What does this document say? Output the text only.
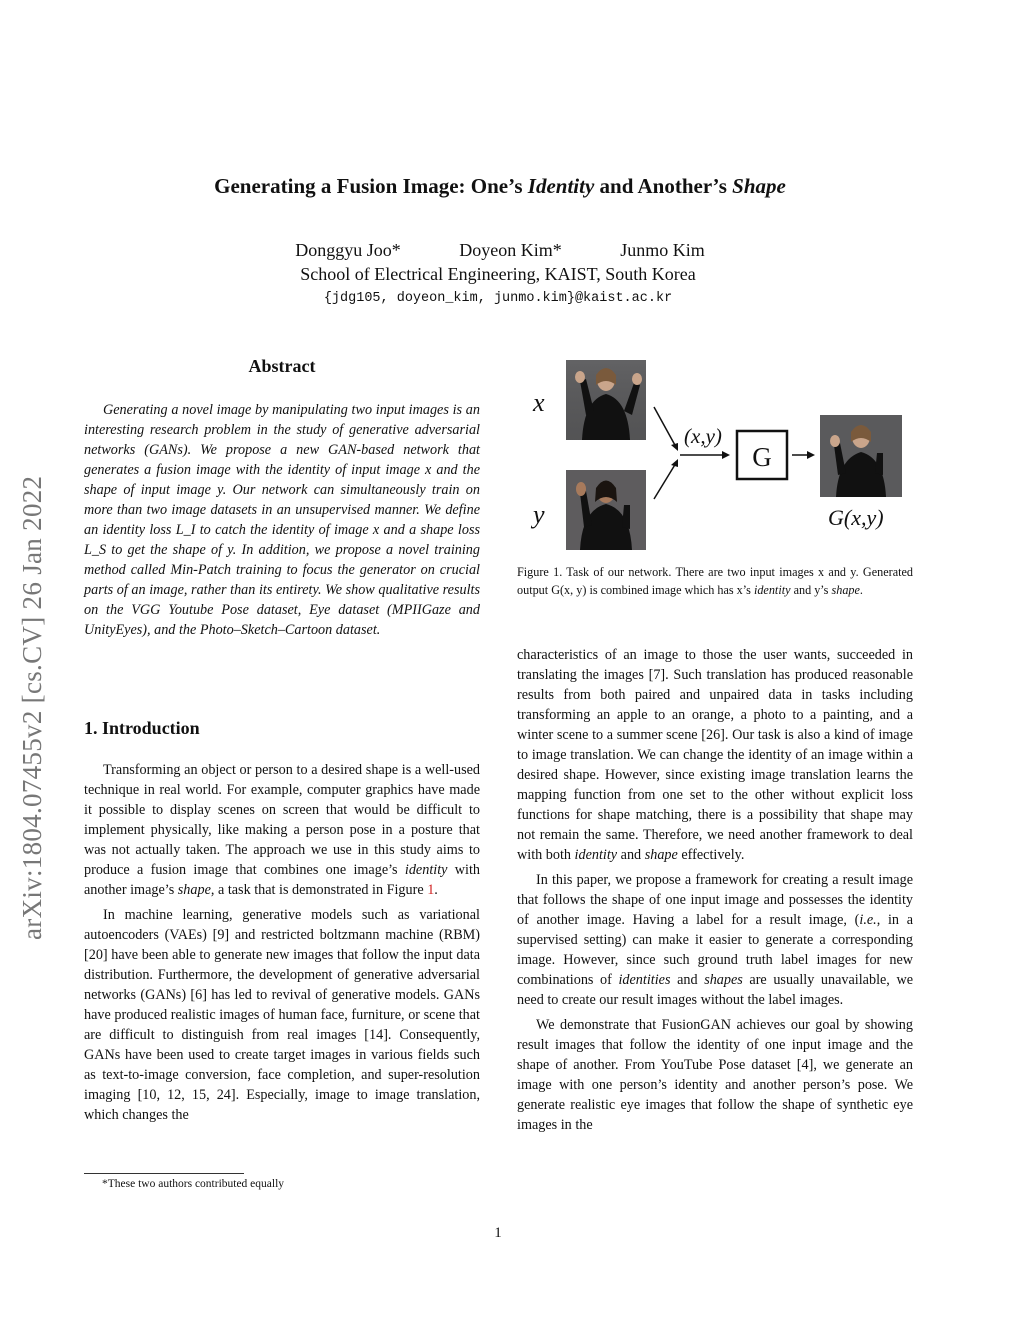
Generating a Fusion Image: One’s Identity and Another’s Shape
Donggyu Joo*	Doyeon Kim*	Junmo Kim
School of Electrical Engineering, KAIST, South Korea
{jdg105, doyeon_kim, junmo.kim}@kaist.ac.kr
arXiv:1804.07455v2 [cs.CV] 26 Jan 2022
Abstract

Generating a novel image by manipulating two input images is an interesting research problem in the study of generative adversarial networks (GANs). We propose a new GAN-based network that generates a fusion image with the identity of input image x and the shape of input image y. Our network can simultaneously train on more than two image datasets in an unsupervised manner. We define an identity loss L_I to catch the identity of image x and a shape loss L_S to get the shape of y. In addition, we propose a novel training method called Min-Patch training to focus the generator on crucial parts of an image, rather than its entirety. We show qualitative results on the VGG Youtube Pose dataset, Eye dataset (MPIIGaze and UnityEyes), and the Photo–Sketch–Cartoon dataset.

x
y
(x,y)
G
G(x,y)
Figure 1. Task of our network. There are two input images x and y. Generated output G(x, y) is combined image which has x’s identity and y’s shape.
1. Introduction

Transforming an object or person to a desired shape is a well-used technique in real world. For example, computer graphics have made it possible to display scenes on screen that would be difficult to implement physically, like making a person pose in a posture that was not actually taken. The approach we use in this study aims to produce a fusion image that combines one image’s identity with another image’s shape, a task that is demonstrated in Figure 1.

In machine learning, generative models such as variational autoencoders (VAEs) [9] and restricted boltzmann machine (RBM) [20] have been able to generate new images that follow the input data distribution. Furthermore, the development of generative adversarial networks (GANs) [6] has led to revival of generative models. GANs have produced realistic images of human face, furniture, or scene that are difficult to distinguish from real images [14]. Consequently, GANs have been used to create target images in various fields such as text-to-image conversion, face completion, and super-resolution imaging [10, 12, 15, 24]. Especially, image to image translation, which changes the

characteristics of an image to those the user wants, succeeded in translating the images [7]. Such translation has produced reasonable results from both paired and unpaired data in tasks including transforming an apple to an orange, a photo to a painting, and a winter scene to a summer scene [26]. Our task is also a kind of image to image translation. We can change the identity of an image within a desired shape. However, since existing image translation learns the mapping function from one set to the other without explicit loss functions for shape matching, there is a possibility that shape may not remain the same. Therefore, we need another framework to deal with both identity and shape effectively.

In this paper, we propose a framework for creating a result image that follows the shape of one input image and possesses the identity of another image. Having a label for a result image, (i.e., in a supervised setting) can make it easier to generate a corresponding image. However, since such ground truth label images for new combinations of identities and shapes are usually unavailable, we need to create our result images without the label images.

We demonstrate that FusionGAN achieves our goal by showing result images that follow the identity of one input image and the shape of another. From YouTube Pose dataset [4], we generate an image with one person’s identity and another person’s pose. We generate realistic eye images that follow the shape of synthetic eye images in the

*These two authors contributed equally
1
